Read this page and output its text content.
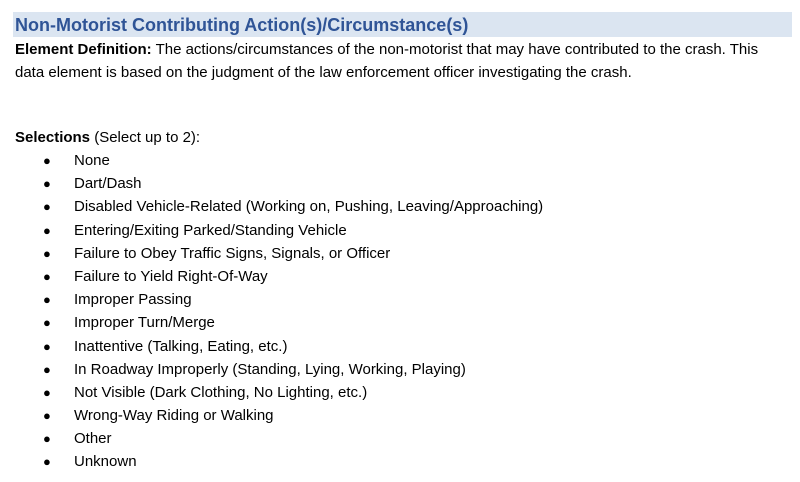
Non-Motorist Contributing Action(s)/Circumstance(s)

Element Definition: The actions/circumstances of the non-motorist that may have contributed to the crash. This data element is based on the judgment of the law enforcement officer investigating the crash.

Selections (Select up to 2):

● None
● Dart/Dash
● Disabled Vehicle-Related (Working on, Pushing, Leaving/Approaching)
● Entering/Exiting Parked/Standing Vehicle
● Failure to Obey Traffic Signs, Signals, or Officer
● Failure to Yield Right-Of-Way
● Improper Passing
● Improper Turn/Merge
● Inattentive (Talking, Eating, etc.)
● In Roadway Improperly (Standing, Lying, Working, Playing)
● Not Visible (Dark Clothing, No Lighting, etc.)
● Wrong-Way Riding or Walking
● Other
● Unknown
